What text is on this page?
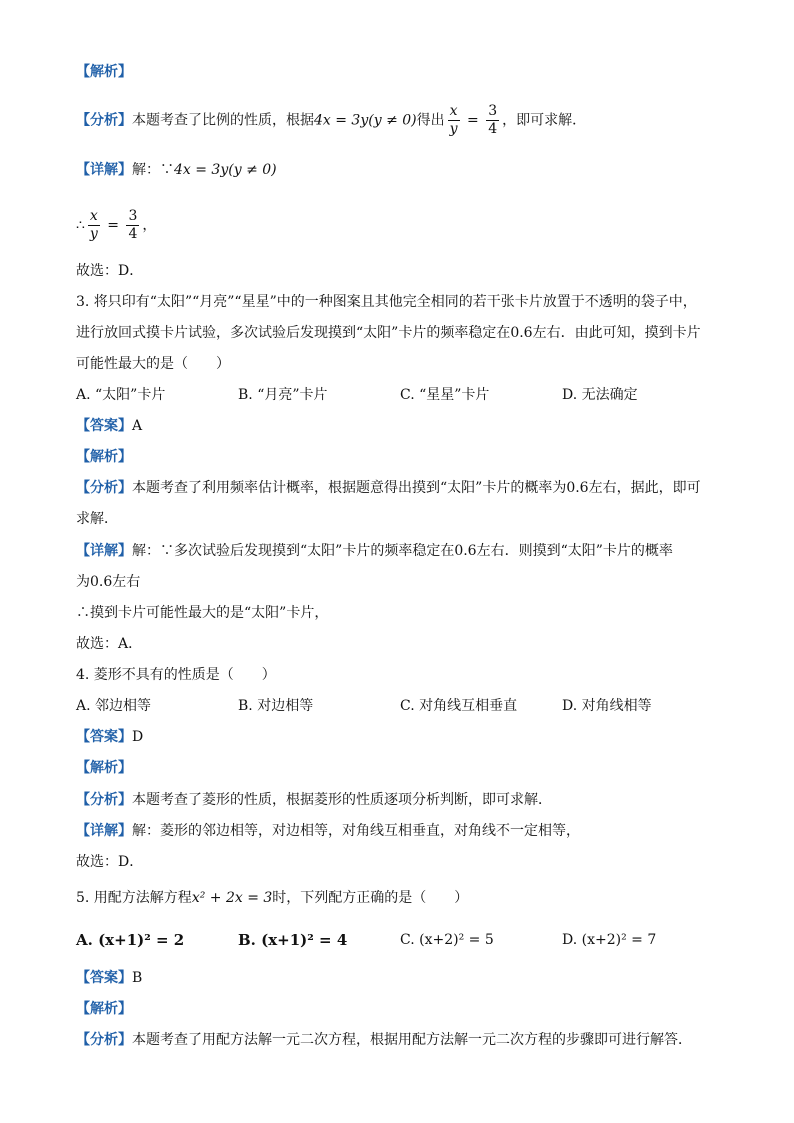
【解析】
【分析】本题考查了比例的性质，根据4x = 3y(y ≠ 0)得出 $\frac{x}{y} = \frac{3}{4}$ ，即可求解．
【详解】解：∵4x = 3y(y ≠ 0)
∴ $\frac{x}{y} = \frac{3}{4}$ ，
故选：D．
3. 将只印有“太阳”“月亮”“星星”中的一种图案且其他完全相同的若干张卡片放置于不透明的袋子中，
进行放回式摸卡片试验，多次试验后发现摸到“太阳”卡片的频率稳定在0.6左右．由此可知，摸到卡片
可能性最大的是（　　）
A. “太阳”卡片	B. “月亮”卡片	C. “星星”卡片	D. 无法确定
【答案】A
【解析】
【分析】本题考查了利用频率估计概率，根据题意得出摸到“太阳”卡片的概率为0.6左右，据此，即可
求解．
【详解】解：∵多次试验后发现摸到“太阳”卡片的频率稳定在0.6左右．则摸到“太阳”卡片的概率
为0.6左右
∴摸到卡片可能性最大的是“太阳”卡片，
故选：A．
4. 菱形不具有的性质是（　　）
A. 邻边相等	B. 对边相等	C. 对角线互相垂直	D. 对角线相等
【答案】D
【解析】
【分析】本题考查了菱形的性质，根据菱形的性质逐项分析判断，即可求解．
【详解】解：菱形的邻边相等，对边相等，对角线互相垂直，对角线不一定相等，
故选：D．
5. 用配方法解方程x² + 2x = 3时，下列配方正确的是（　　）
A. (x+1)² = 2	B. (x+1)² = 4	C. (x+2)² = 5	D. (x+2)² = 7
【答案】B
【解析】
【分析】本题考查了用配方法解一元二次方程，根据用配方法解一元二次方程的步骤即可进行解答．
